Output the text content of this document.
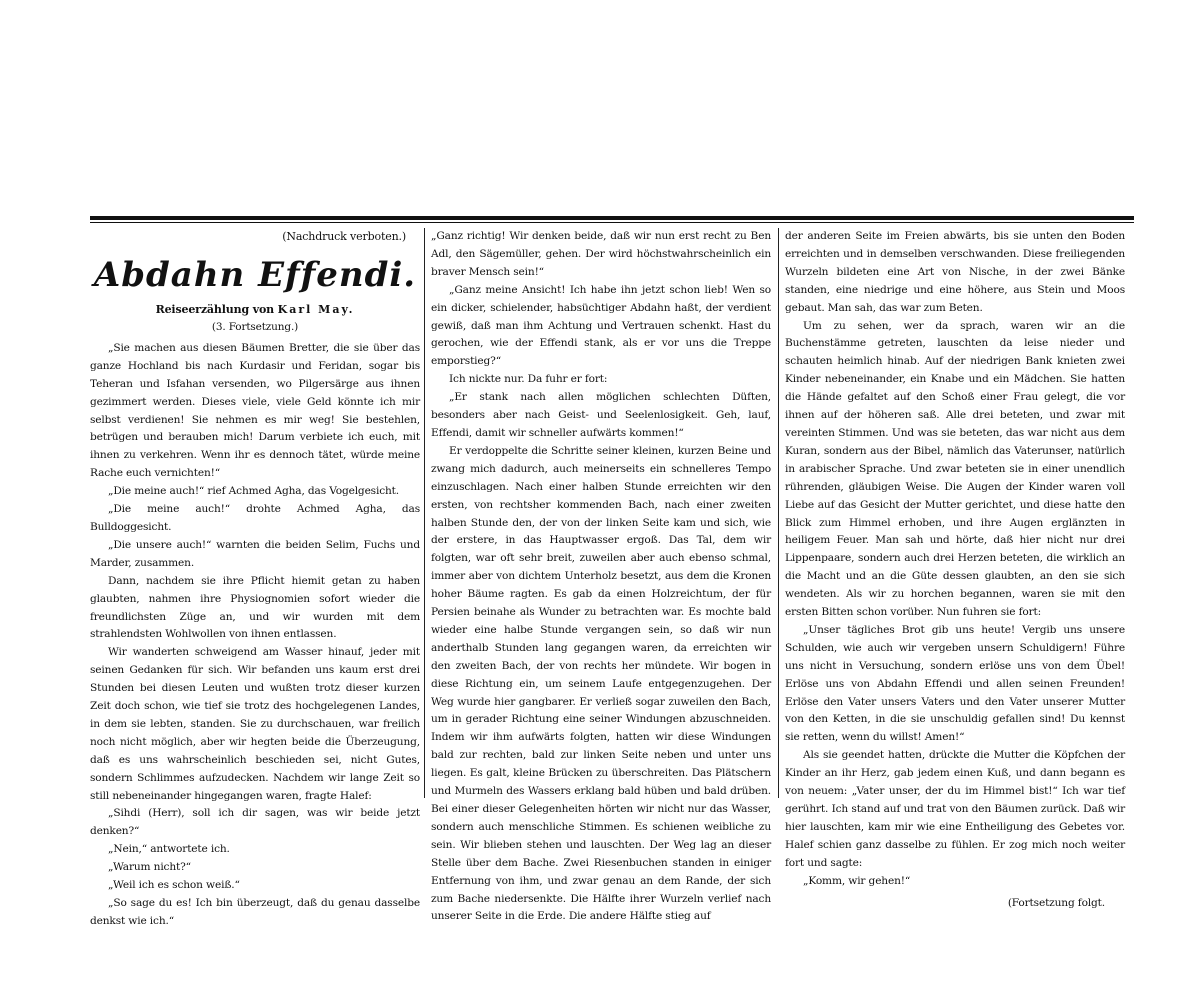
(Nachdruck verboten.)

Abdahn Effendi.
Reiseerzählung von Karl May.
(3. Fortsetzung.)

„Sie machen aus diesen Bäumen Bretter, die sie über das ganze Hochland bis nach Kurdasir und Feridan, sogar bis Teheran und Isfahan versenden, wo Pilgersärge aus ihnen gezimmert werden. Dieses viele, viele Geld könnte ich mir selbst verdienen! Sie nehmen es mir weg! Sie bestehlen, betrügen und berauben mich! Darum verbiete ich euch, mit ihnen zu verkehren. Wenn ihr es dennoch tätet, würde meine Rache euch vernichten!“

„Die meine auch!“ rief Achmed Agha, das Vogelgesicht.

„Die meine auch!“ drohte Achmed Agha, das Bulldoggesicht.

„Die unsere auch!“ warnten die beiden Selim, Fuchs und Marder, zusammen.

Dann, nachdem sie ihre Pflicht hiemit getan zu haben glaubten, nahmen ihre Physiognomien sofort wieder die freundlichsten Züge an, und wir wurden mit dem strahlendsten Wohlwollen von ihnen entlassen.

Wir wanderten schweigend am Wasser hinauf, jeder mit seinen Gedanken für sich. Wir befanden uns kaum erst drei Stunden bei diesen Leuten und wußten trotz dieser kurzen Zeit doch schon, wie tief sie trotz des hochgelegenen Landes, in dem sie lebten, standen. Sie zu durchschauen, war freilich noch nicht möglich, aber wir hegten beide die Überzeugung, daß es uns wahrscheinlich beschieden sei, nicht Gutes, sondern Schlimmes aufzudecken. Nachdem wir lange Zeit so still nebeneinander hingegangen waren, fragte Halef:

„Sihdi (Herr), soll ich dir sagen, was wir beide jetzt denken?“

„Nein,“ antwortete ich.

„Warum nicht?“

„Weil ich es schon weiß.“

„So sage du es! Ich bin überzeugt, daß du genau dasselbe denkst wie ich.“

„Ganz richtig! Wir denken beide, daß wir nun erst recht zu Ben Adl, den Sägemüller, gehen. Der wird höchstwahrscheinlich ein braver Mensch sein!“

„Ganz meine Ansicht! Ich habe ihn jetzt schon lieb! Wen so ein dicker, schielender, habsüchtiger Abdahn haßt, der verdient gewiß, daß man ihm Achtung und Vertrauen schenkt. Hast du gerochen, wie der Effendi stank, als er vor uns die Treppe emporstieg?“

Ich nickte nur. Da fuhr er fort:

„Er stank nach allen möglichen schlechten Düften, besonders aber nach Geist- und Seelenlosigkeit. Geh, lauf, Effendi, damit wir schneller aufwärts kommen!“

Er verdoppelte die Schritte seiner kleinen, kurzen Beine und zwang mich dadurch, auch meinerseits ein schnelleres Tempo einzuschlagen. Nach einer halben Stunde erreichten wir den ersten, von rechtsher kommenden Bach, nach einer zweiten halben Stunde den, der von der linken Seite kam und sich, wie der erstere, in das Hauptwasser ergoß. Das Tal, dem wir folgten, war oft sehr breit, zuweilen aber auch ebenso schmal, immer aber von dichtem Unterholz besetzt, aus dem die Kronen hoher Bäume ragten. Es gab da einen Holzreichtum, der für Persien beinahe als Wunder zu betrachten war. Es mochte bald wieder eine halbe Stunde vergangen sein, so daß wir nun anderthalb Stunden lang gegangen waren, da erreichten wir den zweiten Bach, der von rechts her mündete. Wir bogen in diese Richtung ein, um seinem Laufe entgegenzugehen. Der Weg wurde hier gangbarer. Er verließ sogar zuweilen den Bach, um in gerader Richtung eine seiner Windungen abzuschneiden. Indem wir ihm aufwärts folgten, hatten wir diese Windungen bald zur rechten, bald zur linken Seite neben und unter uns liegen. Es galt, kleine Brücken zu überschreiten. Das Plätschern und Murmeln des Wassers erklang bald hüben und bald drüben. Bei einer dieser Gelegenheiten hörten wir nicht nur das Wasser, sondern auch menschliche Stimmen. Es schienen weibliche zu sein. Wir blieben stehen und lauschten. Der Weg lag an dieser Stelle über dem Bache. Zwei Riesenbuchen standen in einiger Entfernung von ihm, und zwar genau an dem Rande, der sich zum Bache niedersenkte. Die Hälfte ihrer Wurzeln verlief nach unserer Seite in die Erde. Die andere Hälfte stieg auf

der anderen Seite im Freien abwärts, bis sie unten den Boden erreichten und in demselben verschwanden. Diese freiliegenden Wurzeln bildeten eine Art von Nische, in der zwei Bänke standen, eine niedrige und eine höhere, aus Stein und Moos gebaut. Man sah, das war zum Beten.

Um zu sehen, wer da sprach, waren wir an die Buchenstämme getreten, lauschten da leise nieder und schauten heimlich hinab. Auf der niedrigen Bank knieten zwei Kinder nebeneinander, ein Knabe und ein Mädchen. Sie hatten die Hände gefaltet auf den Schoß einer Frau gelegt, die vor ihnen auf der höheren saß. Alle drei beteten, und zwar mit vereinten Stimmen. Und was sie beteten, das war nicht aus dem Kuran, sondern aus der Bibel, nämlich das Vaterunser, natürlich in arabischer Sprache. Und zwar beteten sie in einer unendlich rührenden, gläubigen Weise. Die Augen der Kinder waren voll Liebe auf das Gesicht der Mutter gerichtet, und diese hatte den Blick zum Himmel erhoben, und ihre Augen erglänzten in heiligem Feuer. Man sah und hörte, daß hier nicht nur drei Lippenpaare, sondern auch drei Herzen beteten, die wirklich an die Macht und an die Güte dessen glaubten, an den sie sich wendeten. Als wir zu horchen begannen, waren sie mit den ersten Bitten schon vorüber. Nun fuhren sie fort:

„Unser tägliches Brot gib uns heute! Vergib uns unsere Schulden, wie auch wir vergeben unsern Schuldigern! Führe uns nicht in Versuchung, sondern erlöse uns von dem Übel! Erlöse uns von Abdahn Effendi und allen seinen Freunden! Erlöse den Vater unsers Vaters und den Vater unserer Mutter von den Ketten, in die sie unschuldig gefallen sind! Du kennst sie retten, wenn du willst! Amen!“

Als sie geendet hatten, drückte die Mutter die Köpfchen der Kinder an ihr Herz, gab jedem einen Kuß, und dann begann es von neuem: „Vater unser, der du im Himmel bist!“ Ich war tief gerührt. Ich stand auf und trat von den Bäumen zurück. Daß wir hier lauschten, kam mir wie eine Entheiligung des Gebetes vor. Halef schien ganz dasselbe zu fühlen. Er zog mich noch weiter fort und sagte:

„Komm, wir gehen!“

(Fortsetzung folgt.
